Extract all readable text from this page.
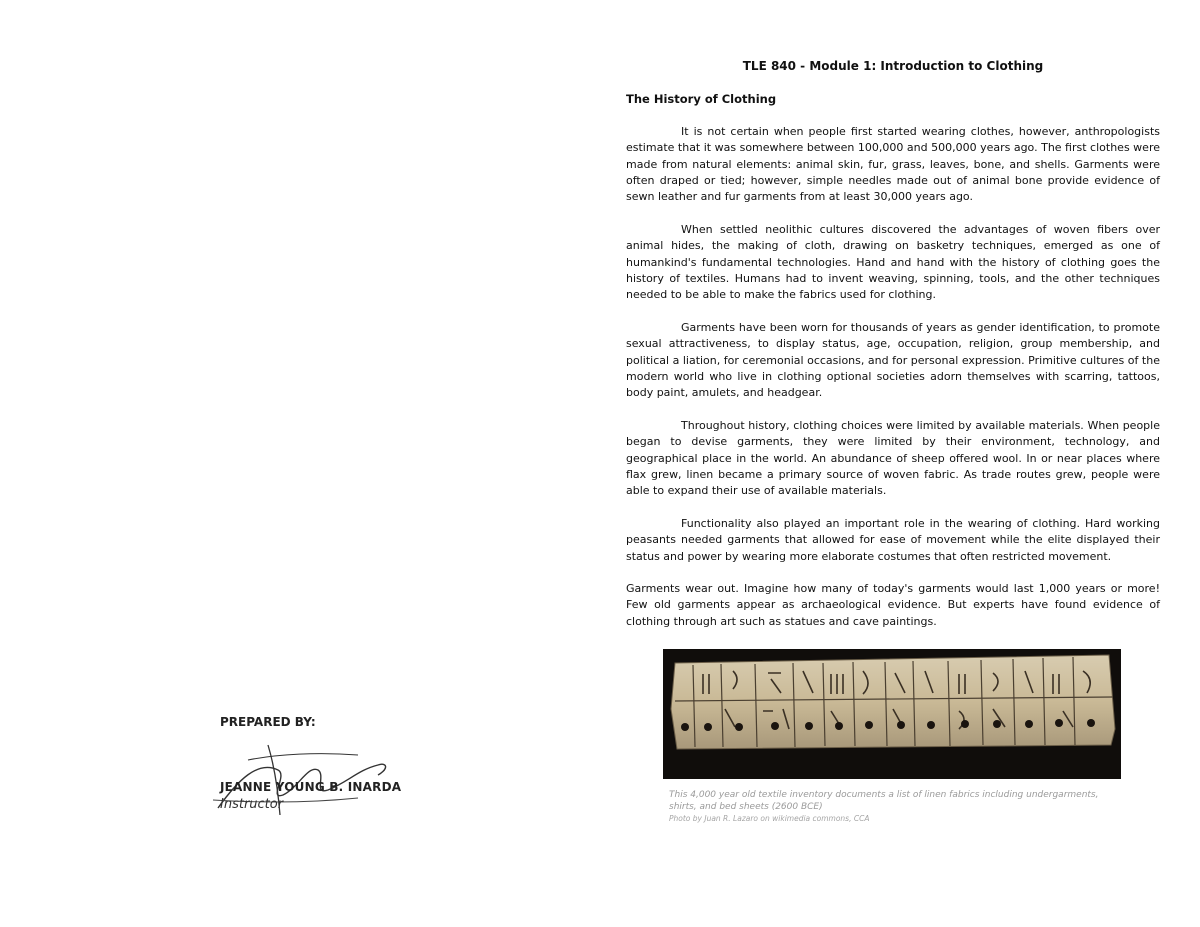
PREPARED BY:
JEANNE YOUNG B. INARDA
Instructor
TLE 840 - Module 1: Introduction to Clothing
The History of Clothing

It is not certain when people first started wearing clothes, however, anthropologists estimate that it was somewhere between 100,000 and 500,000 years ago. The first clothes were made from natural elements: animal skin, fur, grass, leaves, bone, and shells. Garments were often draped or tied; however, simple needles made out of animal bone provide evidence of sewn leather and fur garments from at least 30,000 years ago.

When settled neolithic cultures discovered the advantages of woven fibers over animal hides, the making of cloth, drawing on basketry techniques, emerged as one of humankind's fundamental technologies. Hand and hand with the history of clothing goes the history of textiles. Humans had to invent weaving, spinning, tools, and the other techniques needed to be able to make the fabrics used for clothing.

Garments have been worn for thousands of years as gender identification, to promote sexual attractiveness, to display status, age, occupation, religion, group membership, and political a liation, for ceremonial occasions, and for personal expression. Primitive cultures of the modern world who live in clothing optional societies adorn themselves with scarring, tattoos, body paint, amulets, and headgear.

Throughout history, clothing choices were limited by available materials. When people began to devise garments, they were limited by their environment, technology, and geographical place in the world. An abundance of sheep offered wool. In or near places where flax grew, linen became a primary source of woven fabric. As trade routes grew, people were able to expand their use of available materials.

Functionality also played an important role in the wearing of clothing. Hard working peasants needed garments that allowed for ease of movement while the elite displayed their status and power by wearing more elaborate costumes that often restricted movement.

Garments wear out. Imagine how many of today's garments would last 1,000 years or more! Few old garments appear as archaeological evidence. But experts have found evidence of clothing through art such as statues and cave paintings.

This 4,000 year old textile inventory documents a list of linen fabrics including undergarments, shirts, and bed sheets (2600 BCE)
Photo by Juan R. Lazaro on wikimedia commons, CCA
